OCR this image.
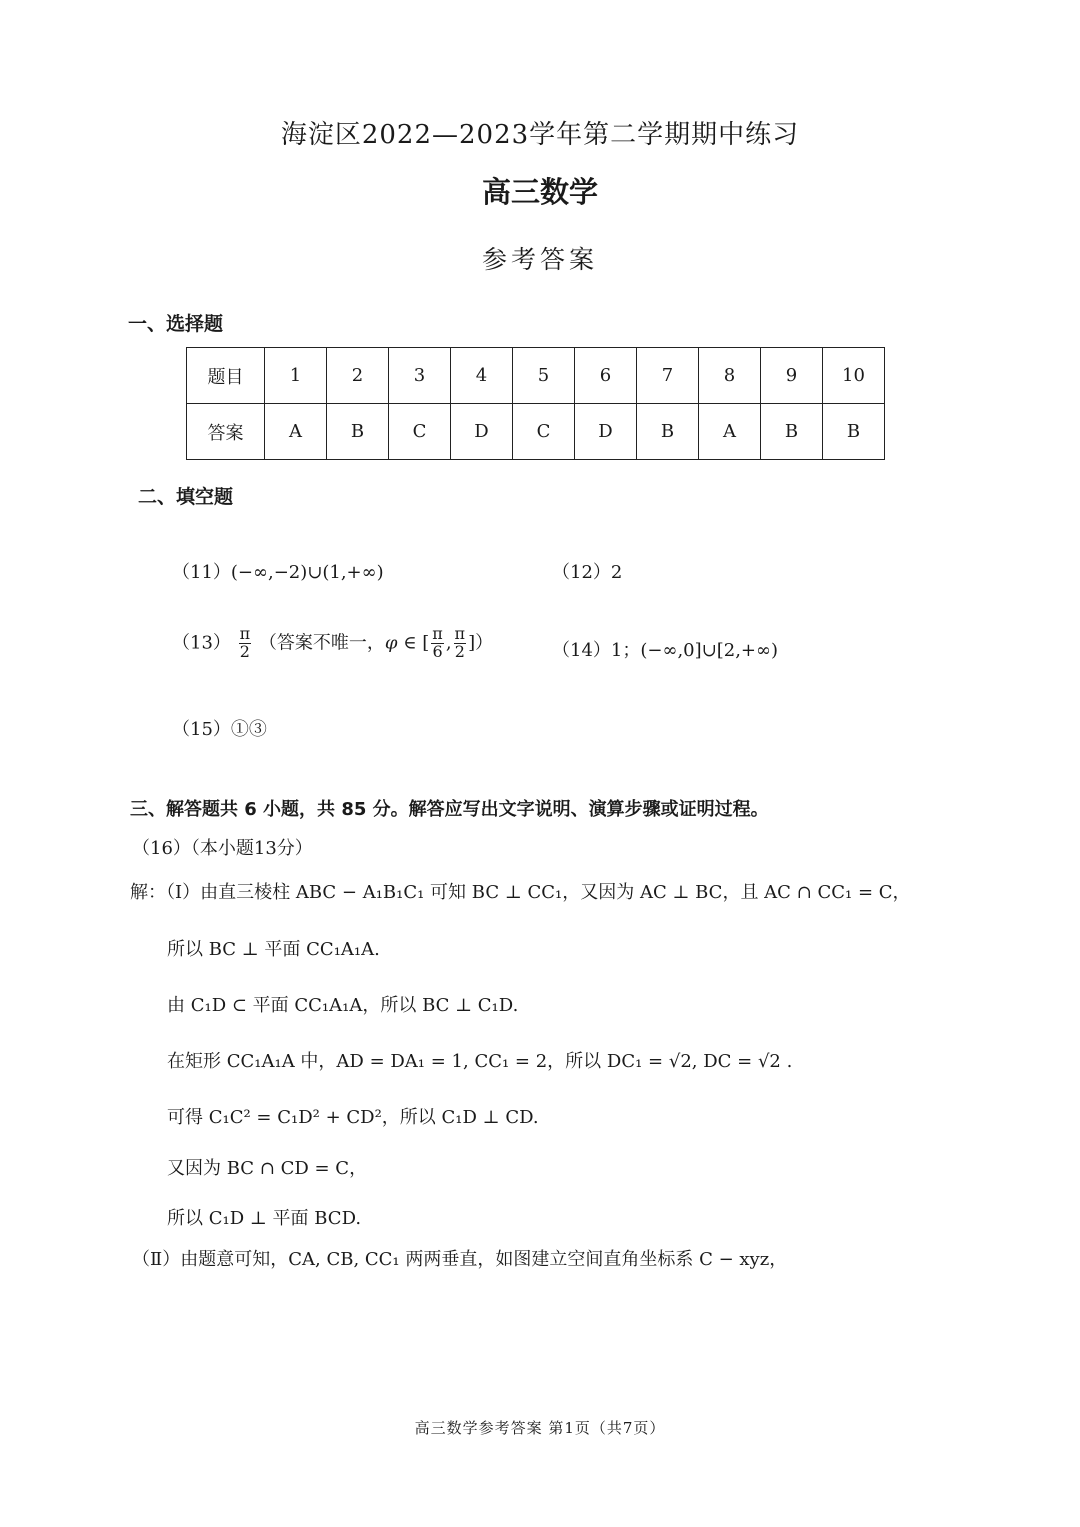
海淀区2022—2023学年第二学期期中练习
高三数学
参考答案
一、选择题
题目	1	2	3	4	5	6	7	8	9	10
答案	A	B	C	D	C	D	B	A	B	B
二、填空题
（11）(−∞,−2)∪(1,+∞)	（12）2
$(13) \frac{\pi}{2}$ （答案不唯一，φ ∈ [ $\frac{\pi}{6}$ , $\frac{\pi}{2}$ ]）	（14）1；(−∞,0]∪[2,+∞)
（15）①③
三、解答题共 6 小题，共 85 分。解答应写出文字说明、演算步骤或证明过程。
（16）（本小题13分）
解：（Ⅰ）由直三棱柱 ABC − A₁B₁C₁ 可知 BC ⊥ CC₁，又因为 AC ⊥ BC，且 AC ∩ CC₁ = C，
所以 BC ⊥ 平面 CC₁A₁A.
由 C₁D ⊂ 平面 CC₁A₁A，所以 BC ⊥ C₁D.
在矩形 CC₁A₁A 中，AD = DA₁ = 1, CC₁ = 2，所以 DC₁ = √2, DC = √2 .
可得 C₁C² = C₁D² + CD²，所以 C₁D ⊥ CD.
又因为 BC ∩ CD = C，
所以 C₁D ⊥ 平面 BCD.
（Ⅱ）由题意可知，CA, CB, CC₁ 两两垂直，如图建立空间直角坐标系 C − xyz，
高三数学参考答案 第1页（共7页）
